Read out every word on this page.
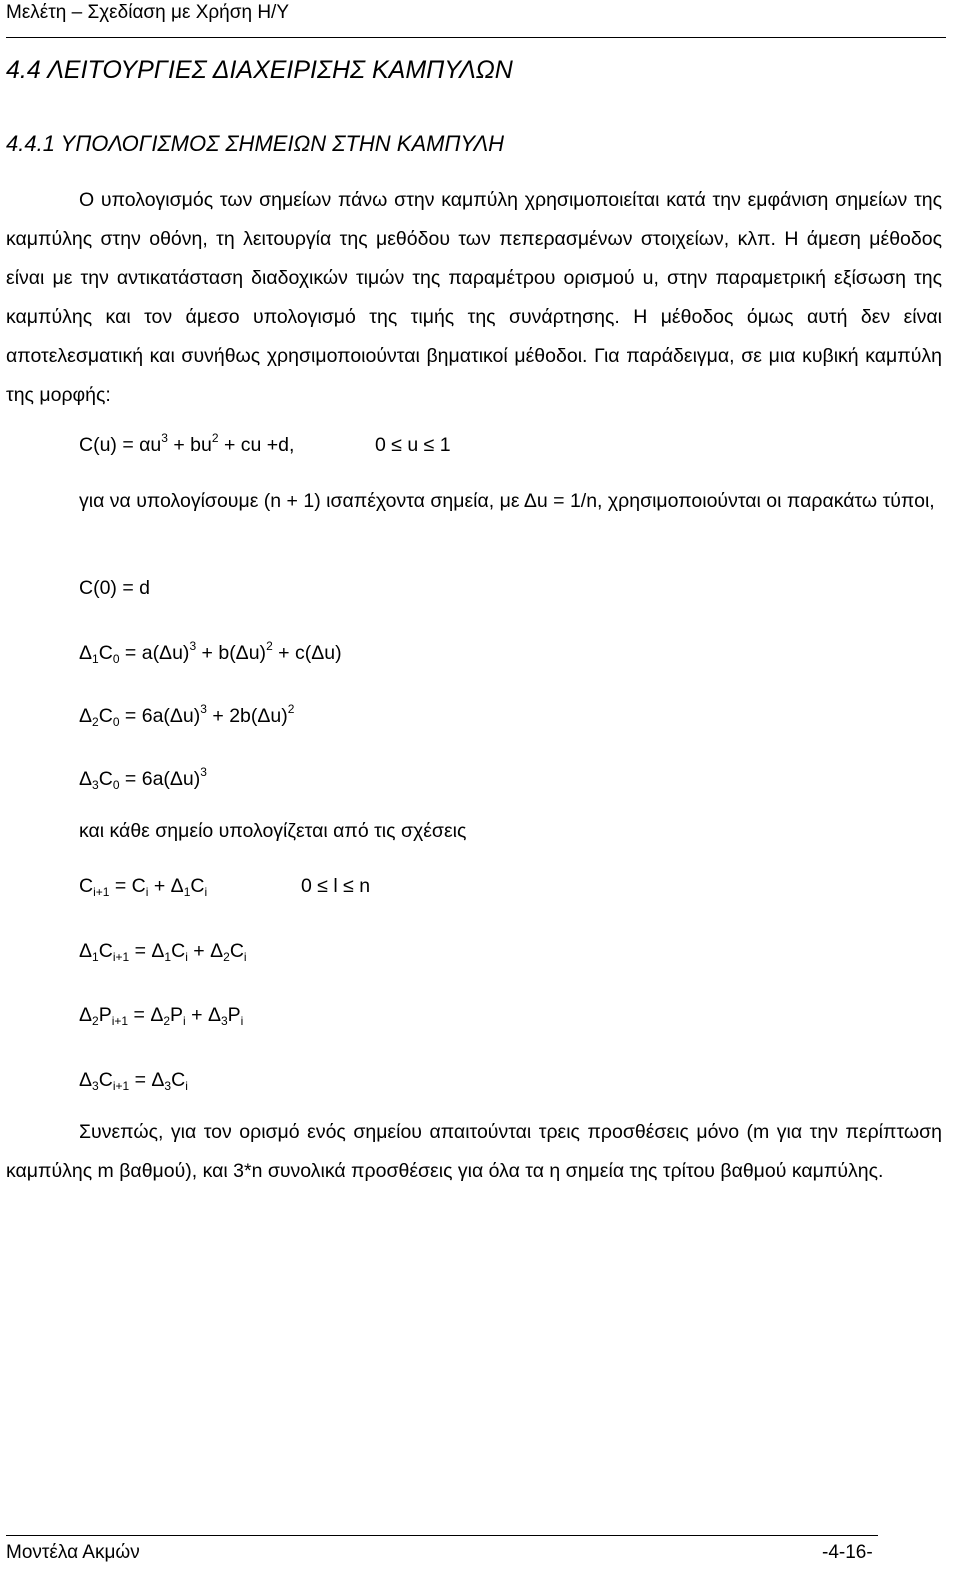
Μελέτη – Σχεδίαση με Χρήση Η/Υ
4.4 ΛΕΙΤΟΥΡΓΙΕΣ ΔΙΑΧΕΙΡΙΣΗΣ ΚΑΜΠΥΛΩΝ
4.4.1 ΥΠΟΛΟΓΙΣΜΟΣ ΣΗΜΕΙΩΝ ΣΤΗΝ ΚΑΜΠΥΛΗ
Ο υπολογισμός των σημείων πάνω στην καμπύλη χρησιμοποιείται κατά την εμφάνιση σημείων της καμπύλης στην οθόνη, τη λειτουργία της μεθόδου των πεπερασμένων στοιχείων, κλπ. Η άμεση μέθοδος είναι με την αντικατάσταση διαδοχικών τιμών της παραμέτρου ορισμού u, στην παραμετρική εξίσωση της καμπύλης και τον άμεσο υπολογισμό της τιμής της συνάρτησης. Η μέθοδος όμως αυτή δεν είναι αποτελεσματική και συνήθως χρησιμοποιούνται βηματικοί μέθοδοι. Για παράδειγμα, σε μια κυβική καμπύλη της μορφής:
$C(u) = \alpha u^3 + bu^2$ + cu +d,	0 ≤ u ≤ 1
για να υπολογίσουμε (n + 1) ισαπέχοντα σημεία, με Δu = 1/n, χρησιμοποιούνται οι παρακάτω τύποι,
C(0) = d
$\Delta_1C_0 = a(\Delta u)^3 + b(\Delta u)^2 + c(\Delta u)$
$\Delta_2C_0 = 6a(\Delta u)^3 + 2b(\Delta u)^2$
$\Delta_3C_0 = 6a(\Delta u)^3$
και κάθε σημείο υπολογίζεται από τις σχέσεις
$C_{i+1} = C_i + \Delta_1C_i$	0 ≤ l ≤ n
$\Delta_1C_{i+1} = \Delta_1C_i + \Delta_2C_i$
$\Delta_2P_{i+1} = \Delta_2P_i + \Delta_3P_i$
$\Delta_3C_{i+1} = \Delta_3C_i$
Συνεπώς, για τον ορισμό ενός σημείου απαιτούνται τρεις προσθέσεις μόνο (m για την περίπτωση καμπύλης m βαθμού), και 3*n συνολικά προσθέσεις για όλα τα η σημεία της τρίτου βαθμού καμπύλης.
Μοντέλα Ακμών	-4-16-
